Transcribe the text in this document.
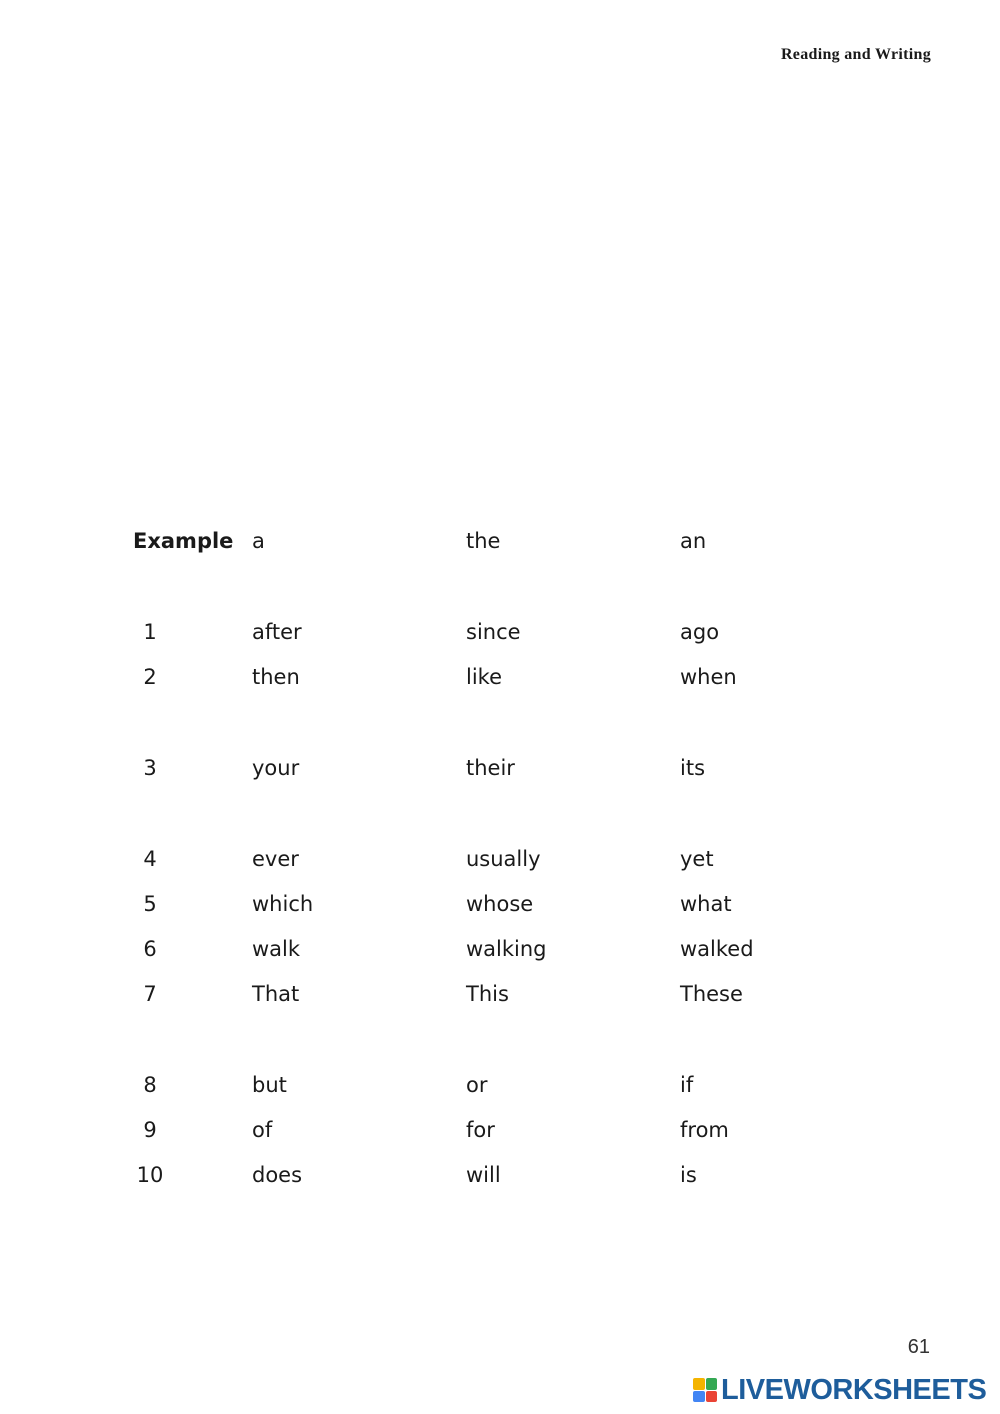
Reading and Writing
Example a	the	an
1	after	since	ago
2	then	like	when
3	your	their	its
4	ever	usually	yet
5	which	whose	what
6	walk	walking	walked
7	That	This	These
8	but	or	if
9	of	for	from
10	does	will	is
61
LIVEWORKSHEETS
